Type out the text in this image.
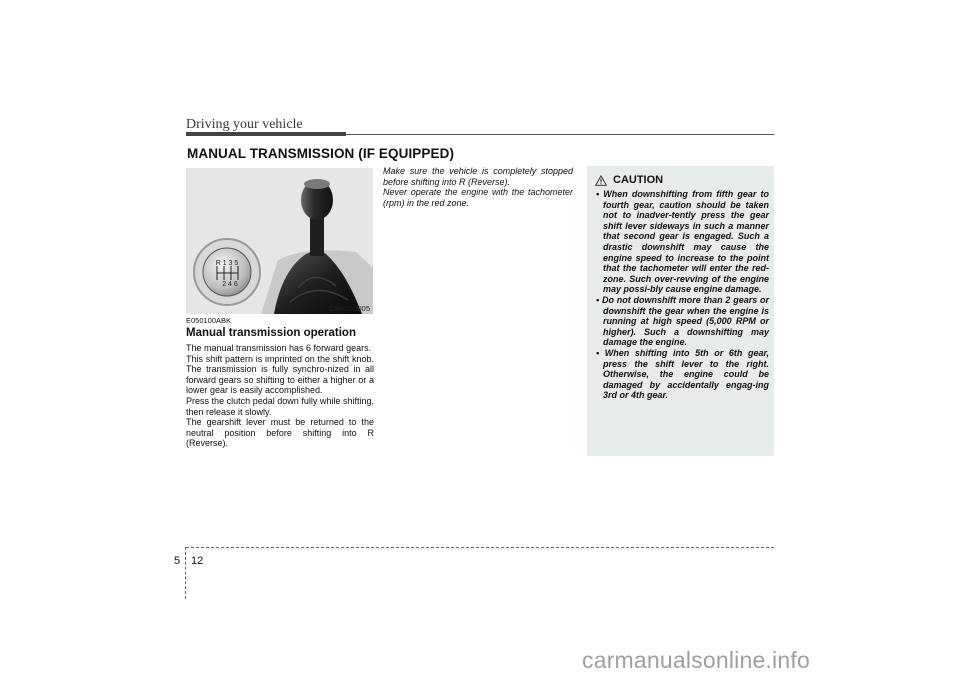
Driving your vehicle
MANUAL TRANSMISSION (IF EQUIPPED)
R 1 3 5
2 4 6
OBK059005

E050100ABK

Manual transmission operation

The manual transmission has 6 forward gears.

This shift pattern is imprinted on the shift knob. The transmission is fully synchro-nized in all forward gears so shifting to either a higher or a lower gear is easily accomplished.

Press the clutch pedal down fully while shifting, then release it slowly.

The gearshift lever must be returned to the neutral position before shifting into R (Reverse).

Make sure the vehicle is completely stopped before shifting into R (Reverse).

Never operate the engine with the tachometer (rpm) in the red zone.

CAUTION
• When downshifting from fifth gear to fourth gear, caution should be taken not to inadver-tently press the gear shift lever sideways in such a manner that second gear is engaged. Such a drastic downshift may cause the engine speed to increase to the point that the tachometer will enter the red-zone. Such over-revving of the engine may possi-bly cause engine damage.
• Do not downshift more than 2 gears or downshift the gear when the engine is running at high speed (5,000 RPM or higher). Such a downshifting may damage the engine.
• When shifting into 5th or 6th gear, press the shift lever to the right. Otherwise, the engine could be damaged by accidentally engag-ing 3rd or 4th gear.
5 12
carmanualsonline.info
